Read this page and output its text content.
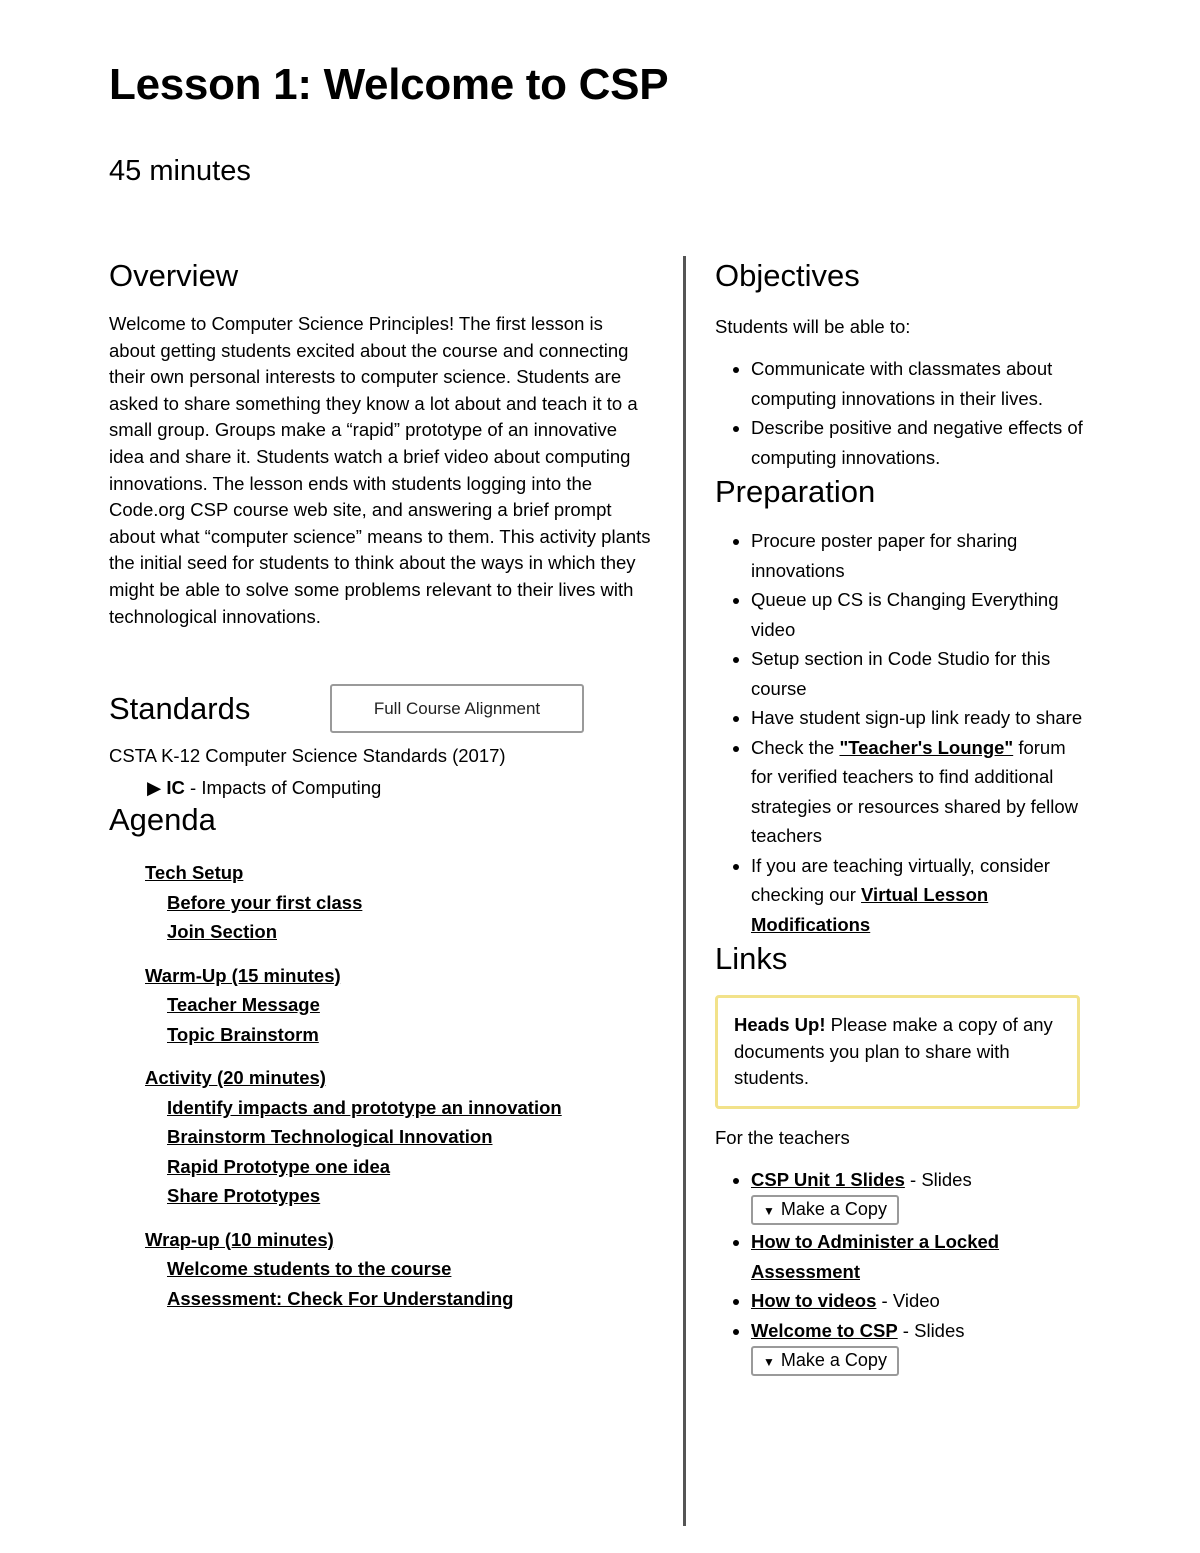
Lesson 1: Welcome to CSP
45 minutes
Overview

Welcome to Computer Science Principles! The first lesson is about getting students excited about the course and connecting their own personal interests to computer science. Students are asked to share something they know a lot about and teach it to a small group. Groups make a “rapid” prototype of an innovative idea and share it. Students watch a brief video about computing innovations. The lesson ends with students logging into the Code.org CSP course web site, and answering a brief prompt about what “computer science” means to them. This activity plants the initial seed for students to think about the ways in which they might be able to solve some problems relevant to their lives with technological innovations.

Standards	Full Course Alignment
CSTA K-12 Computer Science Standards (2017)
▶ IC - Impacts of Computing
Agenda
Tech Setup
Before your first class
Join Section
Warm-Up (15 minutes)
Teacher Message
Topic Brainstorm
Activity (20 minutes)
Identify impacts and prototype an innovation
Brainstorm Technological Innovation
Rapid Prototype one idea
Share Prototypes
Wrap-up (10 minutes)
Welcome students to the course
Assessment: Check For Understanding
Objectives
Students will be able to:
• Communicate with classmates about computing innovations in their lives.
• Describe positive and negative effects of computing innovations.
Preparation
• Procure poster paper for sharing innovations
• Queue up CS is Changing Everything video
• Setup section in Code Studio for this course
• Have student sign-up link ready to share
• Check the "Teacher's Lounge" forum for verified teachers to find additional strategies or resources shared by fellow teachers
• If you are teaching virtually, consider checking our Virtual Lesson Modifications
Links
Heads Up! Please make a copy of any documents you plan to share with students.
For the teachers
• CSP Unit 1 Slides - Slides
▼ Make a Copy
• How to Administer a Locked Assessment
• How to videos - Video
• Welcome to CSP - Slides
▼ Make a Copy
